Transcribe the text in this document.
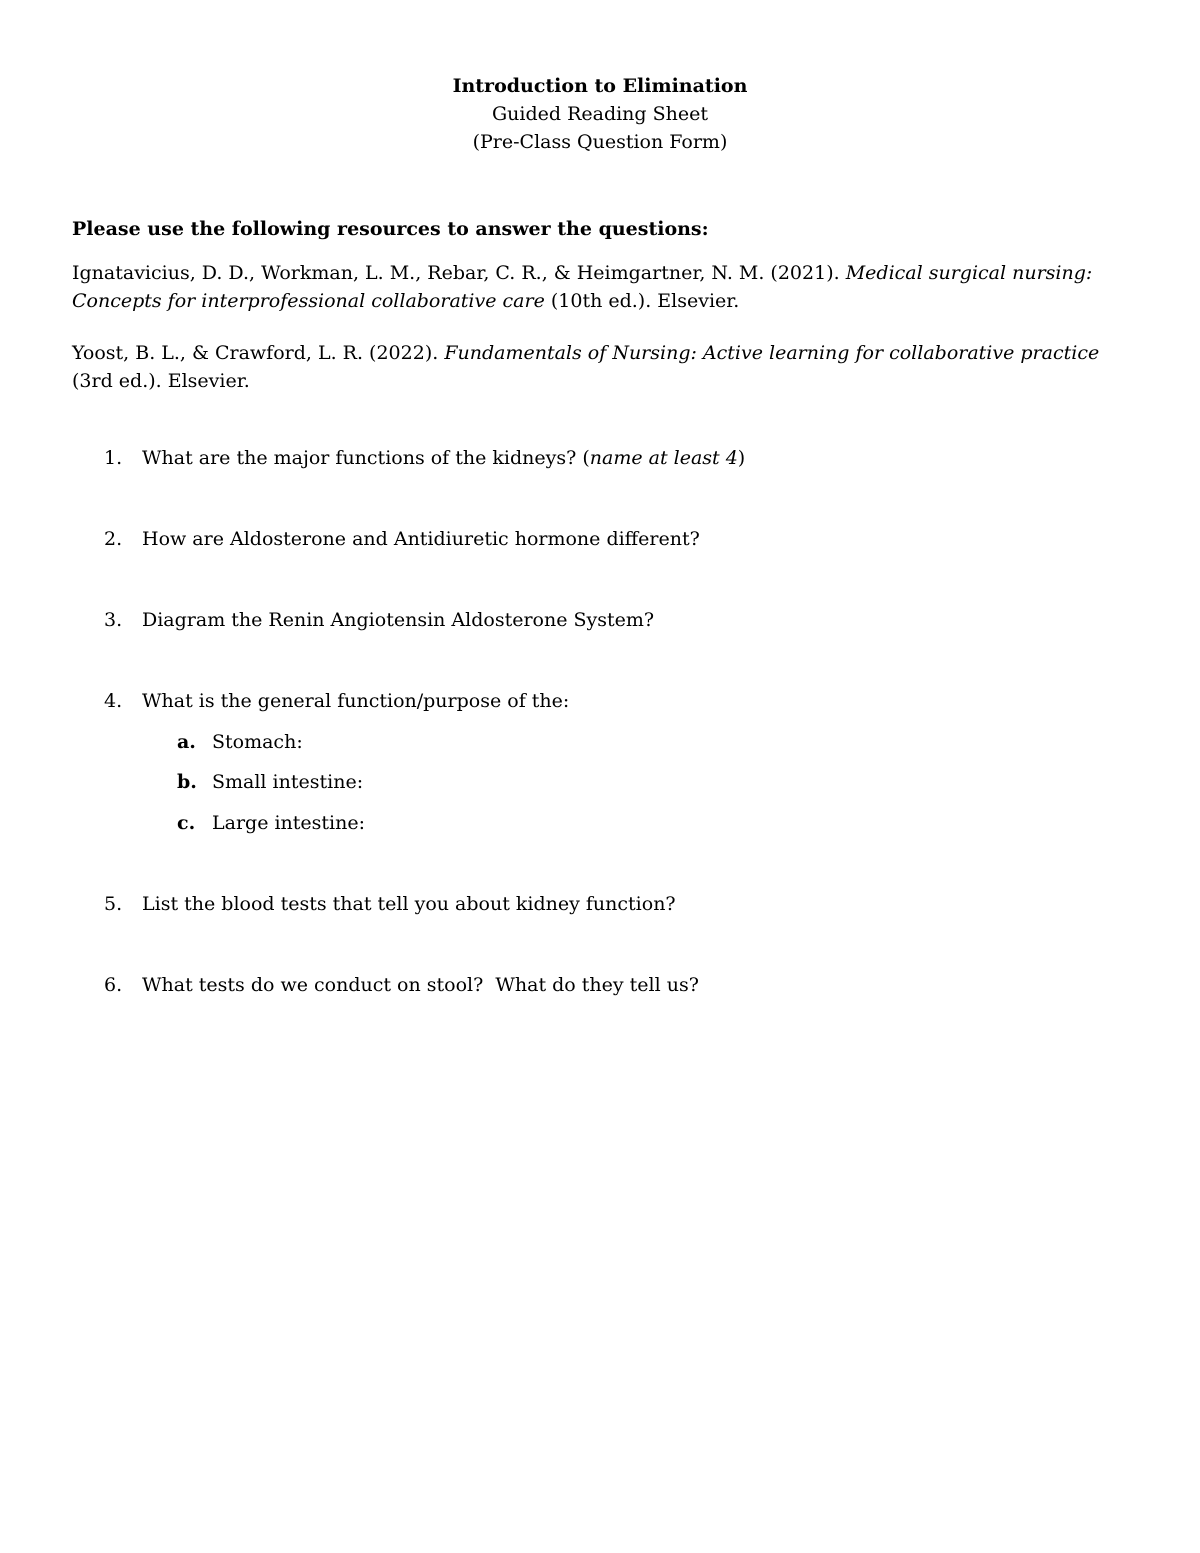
Introduction to Elimination
Guided Reading Sheet
(Pre-Class Question Form)
Please use the following resources to answer the questions:
Ignatavicius, D. D., Workman, L. M., Rebar, C. R., & Heimgartner, N. M. (2021). Medical surgical nursing: Concepts for interprofessional collaborative care (10th ed.). Elsevier.
Yoost, B. L., & Crawford, L. R. (2022). Fundamentals of Nursing: Active learning for collaborative practice (3rd ed.). Elsevier.
1. What are the major functions of the kidneys? (name at least 4)
2. How are Aldosterone and Antidiuretic hormone different?
3. Diagram the Renin Angiotensin Aldosterone System?
4. What is the general function/purpose of the:
a. Stomach:
b. Small intestine:
c. Large intestine:
5. List the blood tests that tell you about kidney function?
6. What tests do we conduct on stool?  What do they tell us?
